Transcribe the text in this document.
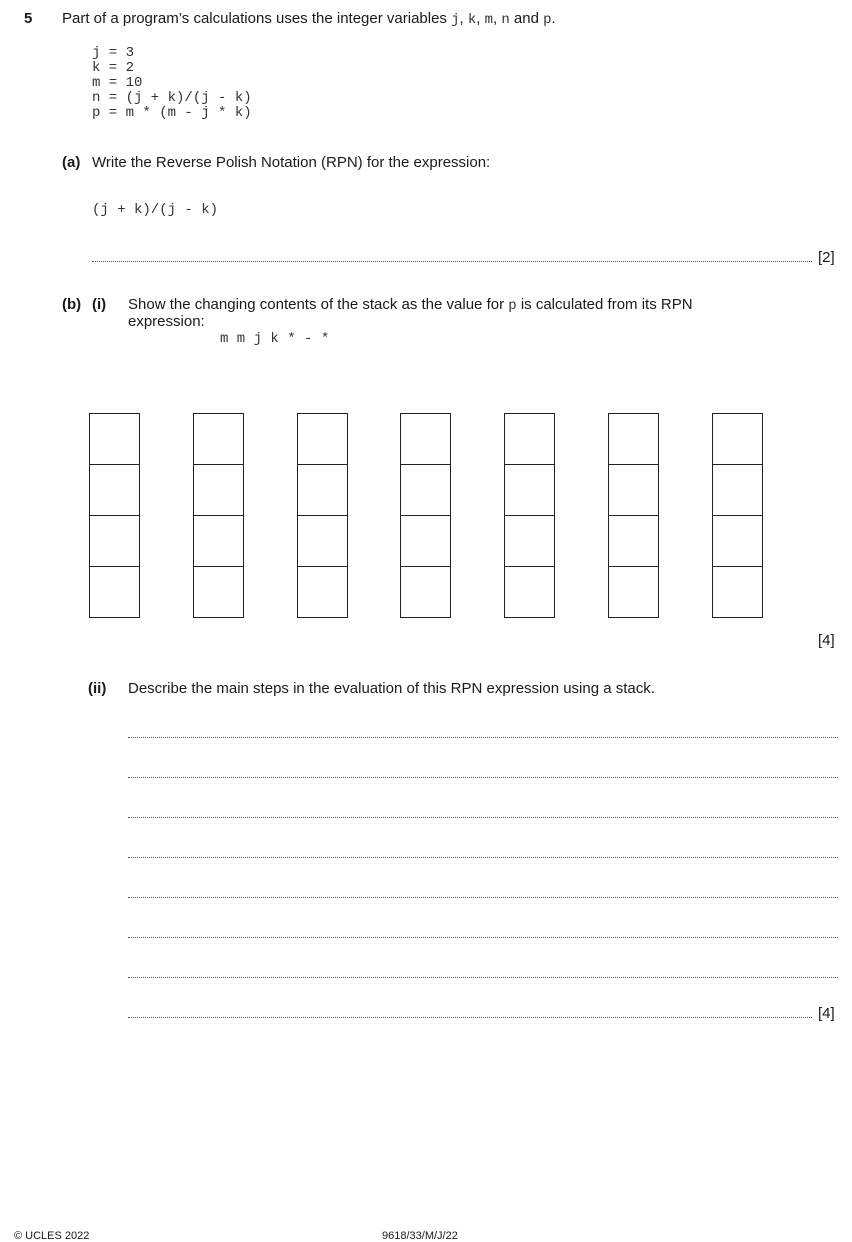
5 Part of a program’s calculations uses the integer variables j, k, m, n and p.
j = 3
k = 2
m = 10
n = (j + k)/(j - k)
p = m * (m - j * k)
(a) Write the Reverse Polish Notation (RPN) for the expression:
(j + k)/(j - k)
[2]
(b) (i) Show the changing contents of the stack as the value for p is calculated from its RPN
expression:
m m j k * - *
[4]
(ii) Describe the main steps in the evaluation of this RPN expression using a stack.
[4]
© UCLES 2022	9618/33/M/J/22
